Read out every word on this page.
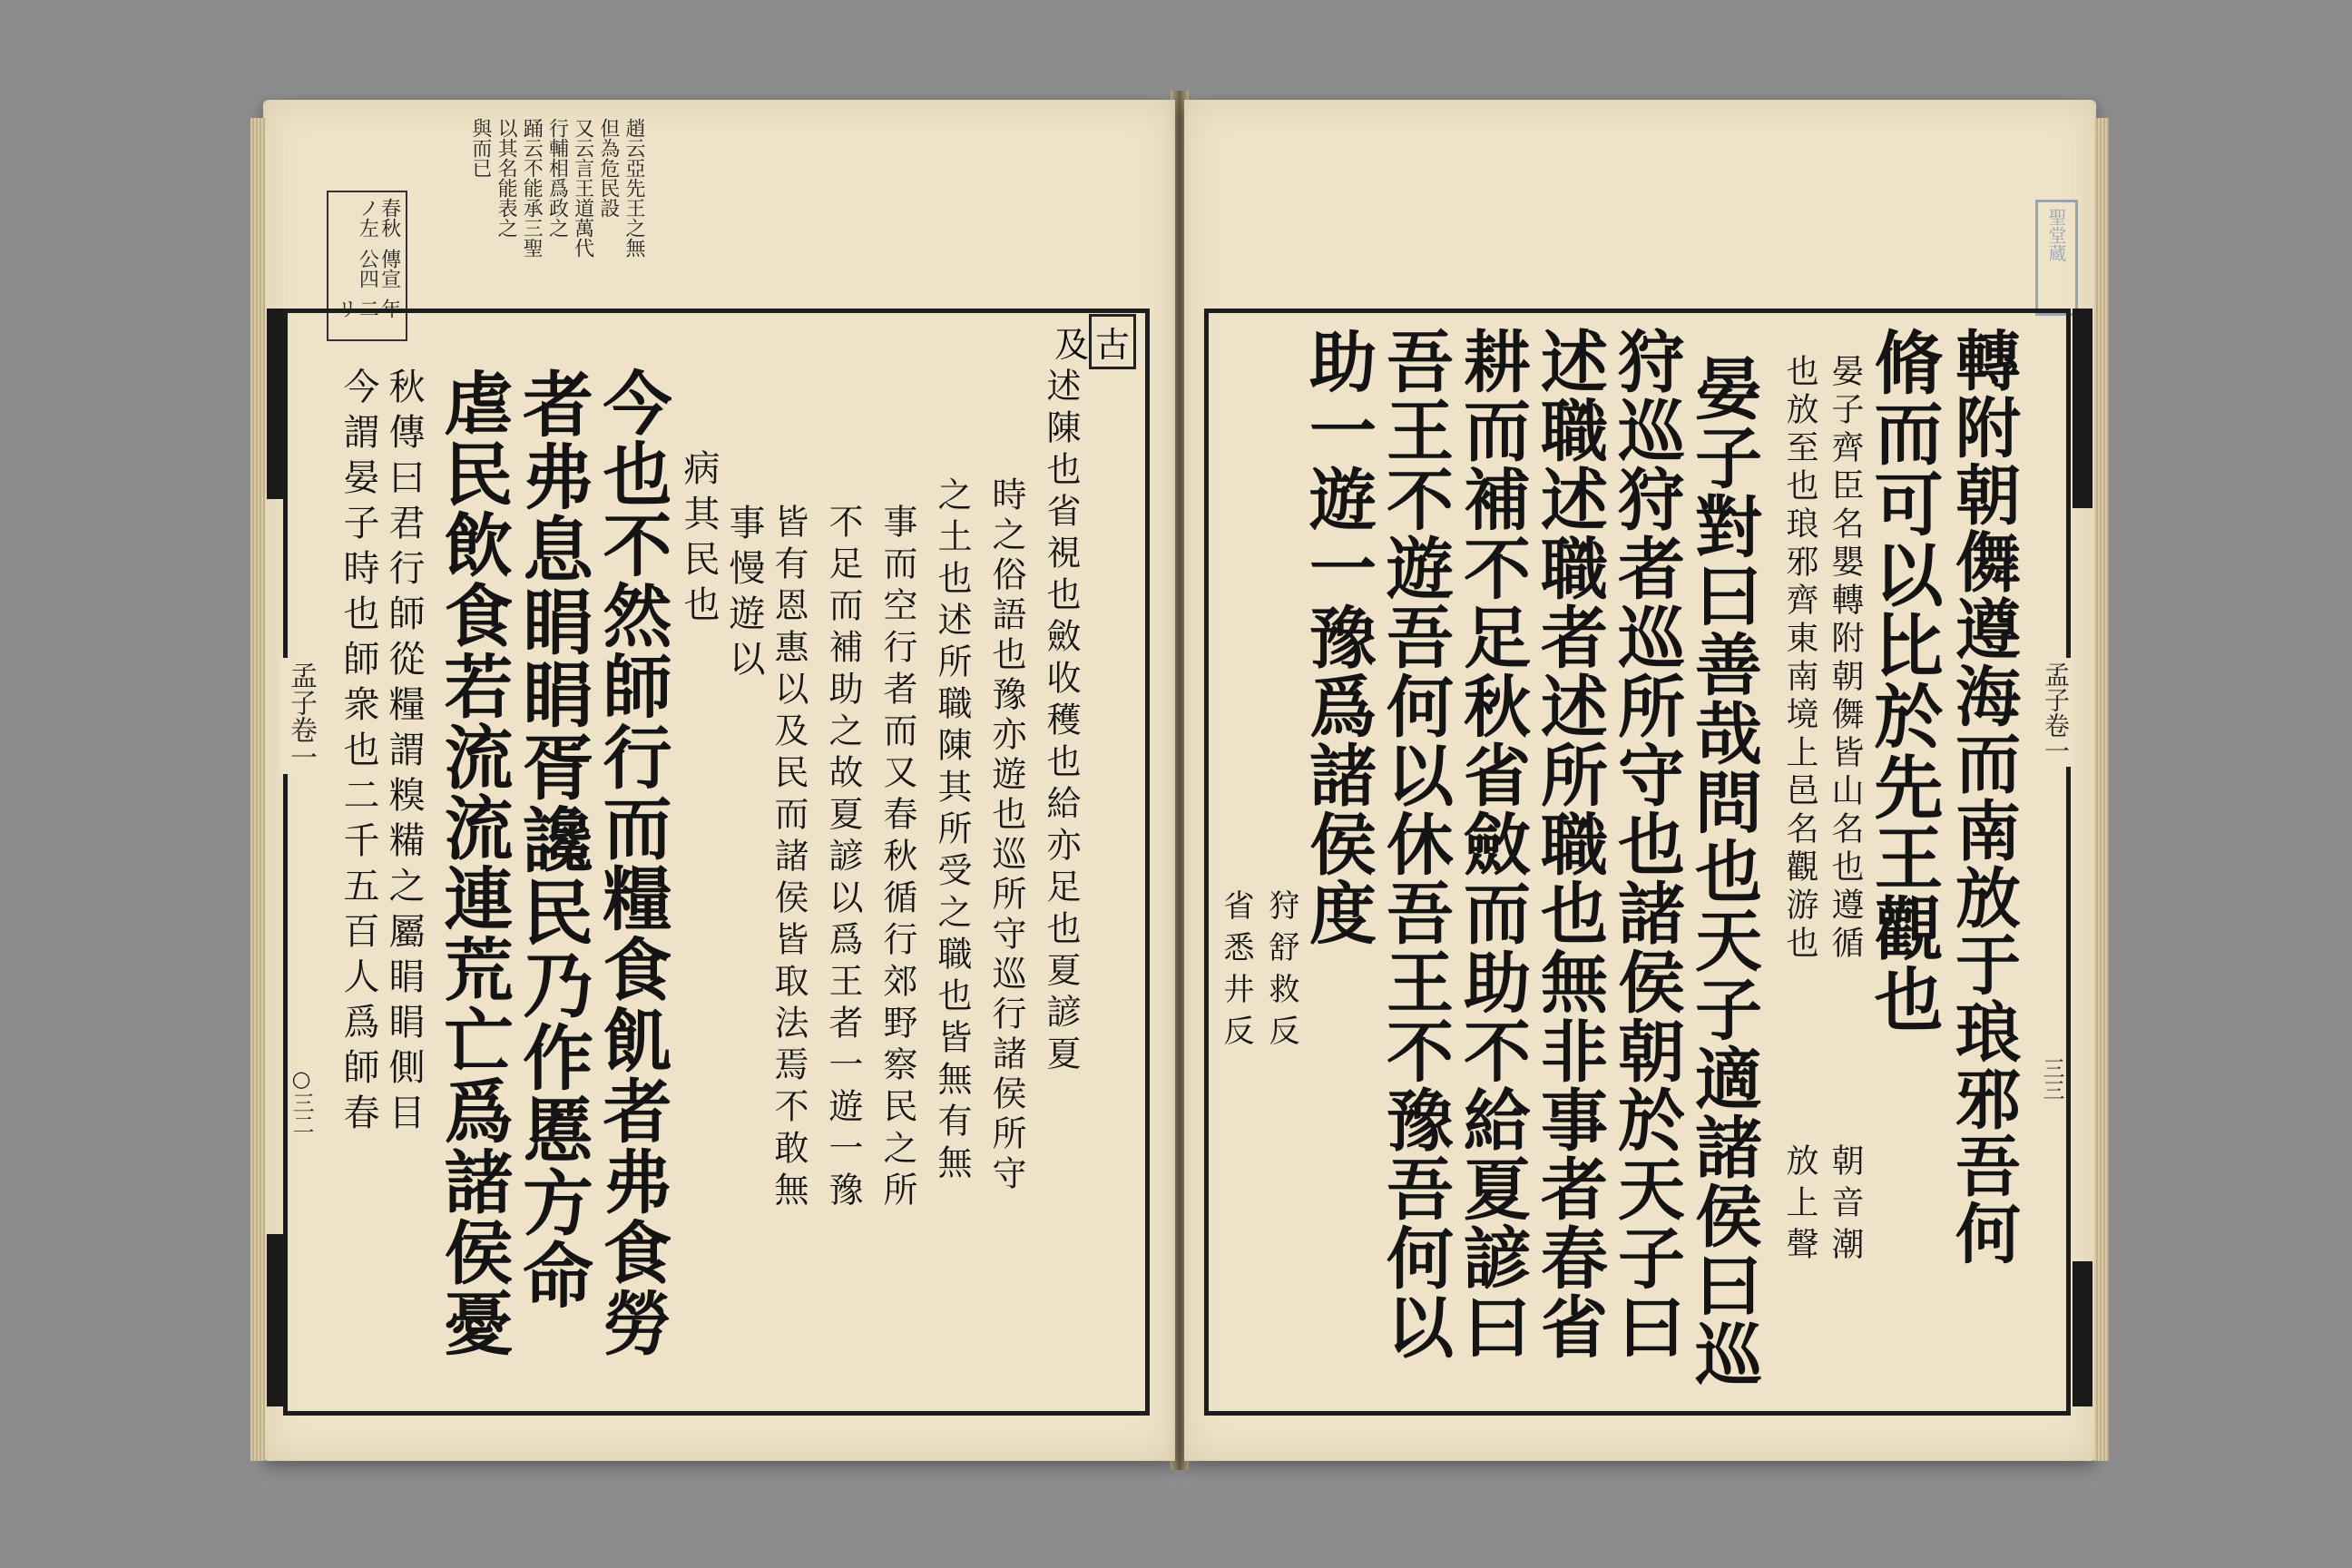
春秋ノ左
傳宣公四
年二リ
趙云亞先王之無
但為危民設
又云言王道萬代
行輔相爲政之
踊云不能承三聖
以其名能表之
與而已
孟子卷一
○三二
及 古
今謂晏子時也師衆也二千五百人爲師春 秋傳曰君行師從糧謂糗糒之屬睊睊側目 虐民飲食若流流連荒亡爲諸侯憂
者弗息睊睊胥讒民乃作慝方命
今也不然師行而糧食飢者弗食勞 病其民也 事慢遊以 皆有恩惠以及民而諸侯皆取法焉不敢無 不足而補助之故夏諺以爲王者一遊一豫 事而空行者而又春秋循行郊野察民之所 之土也述所職陳其所受之職也皆無有無 時之俗語也豫亦遊也巡所守巡行諸侯所守 述陳也省視也斂收穫也給亦足也夏諺夏
聖堂蔵
孟子卷一
三三
轉附朝儛遵海而南放于琅邪吾何
脩而可以比於先王觀也
晏子齊臣名嬰轉附朝儛皆山名也遵循
朝音潮
也放至也琅邪齊東南境上邑名觀游也
放上聲
晏子對曰善哉問也天子適諸侯曰巡
狩巡狩者巡所守也諸侯朝於天子曰
述職述職者述所職也無非事者春省
耕而補不足秋省斂而助不給夏諺曰
吾王不遊吾何以休吾王不豫吾何以
助一遊一豫爲諸侯度
狩舒救反
省悉井反
